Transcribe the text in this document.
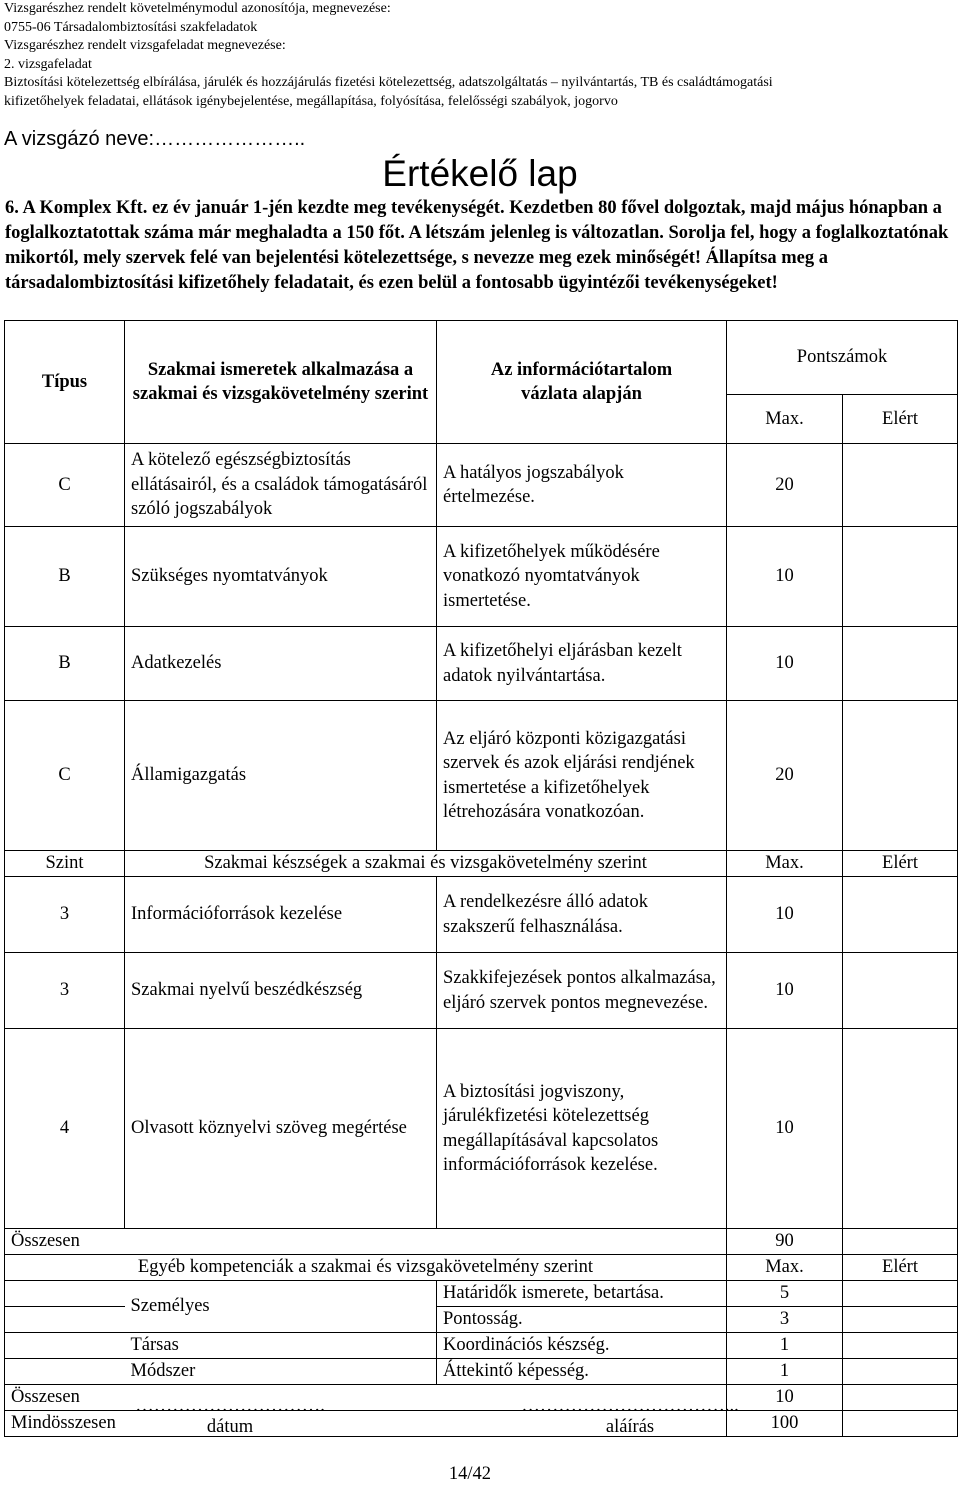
Vizsgarészhez rendelt követelménymodul azonosítója, megnevezése:
0755-06 Társadalombiztosítási szakfeladatok
Vizsgarészhez rendelt vizsgafeladat megnevezése:
2. vizsgafeladat
Biztosítási kötelezettség elbírálása, járulék és hozzájárulás fizetési kötelezettség, adatszolgáltatás – nyilvántartás, TB és családtámogatási
kifizetőhelyek feladatai, ellátások igénybejelentése, megállapítása, folyósítása, felelősségi szabályok, jogorvo
A vizsgázó neve:…………………..
Értékelő lap
6. A Komplex Kft. ez év január 1-jén kezdte meg tevékenységét. Kezdetben 80 fővel dolgoztak, majd május hónapban a foglalkoztatottak száma már meghaladta a 150 főt. A létszám jelenleg is változatlan. Sorolja fel, hogy a foglalkoztatónak mikortól, mely szervek felé van bejelentési kötelezettsége, s nevezze meg ezek minőségét! Állapítsa meg a társadalombiztosítási kifizetőhely feladatait, és ezen belül a fontosabb ügyintézői tevékenységeket!
Típus	Szakmai ismeretek alkalmazása a szakmai és vizsgakövetelmény szerint	Az információtartalom
vázlata alapján	Pontszámok	
			Max.	Elért
C	A kötelező egészségbiztosítás ellátásairól, és a családok támogatásáról szóló jogszabályok	A hatályos jogszabályok értelmezése.	20	
B	Szükséges nyomtatványok	A kifizetőhelyek működésére vonatkozó nyomtatványok ismertetése.	10	
B	Adatkezelés	A kifizetőhelyi eljárásban kezelt adatok nyilvántartása.	10	
C	Államigazgatás	Az eljáró központi közigazgatási szervek és azok eljárási rendjének ismertetése a kifizetőhelyek létrehozására vonatkozóan.	20	
Szint	Szakmai készségek a szakmai és vizsgakövetelmény szerint		Max.	Elért
3	Információforrások kezelése	A rendelkezésre álló adatok szakszerű felhasználása.	10	
3	Szakmai nyelvű beszédkészség	Szakkifejezések pontos alkalmazása, eljáró szervek pontos megnevezése.	10	
4	Olvasott köznyelvi szöveg megértése	A biztosítási jogviszony, járulékfizetési kötelezettség megállapításával kapcsolatos információforrások kezelése.	10	
Összesen			90	
Egyéb kompetenciák a szakmai és vizsgakövetelmény szerint			Max.	Elért
	Személyes	Határidők ismerete, betartása.	5	
		Pontosság.	3	
	Társas	Koordinációs készség.	1	
	Módszer	Áttekintő képesség.	1	
Összesen			10	
Mindösszesen			100	
………………………….
dátum
……………………………...
aláírás
14/42
